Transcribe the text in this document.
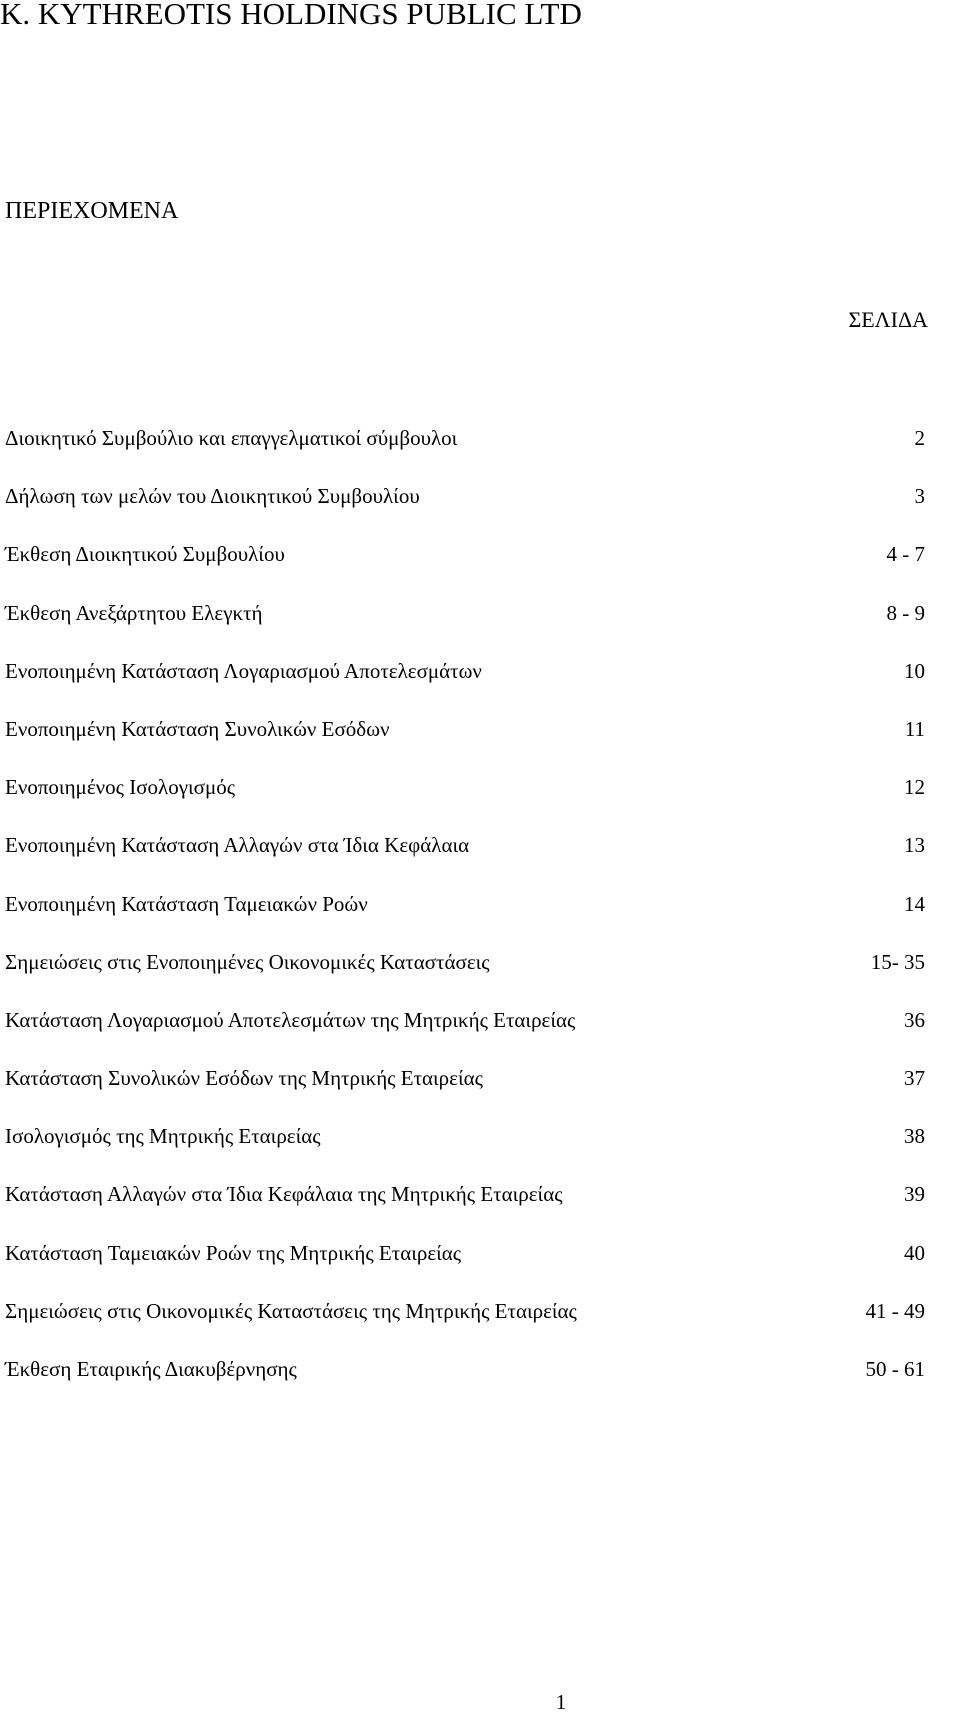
K. KYTHREOTIS HOLDINGS PUBLIC LTD
ΠΕΡΙΕΧΟΜΕΝΑ
ΣΕΛΙΔΑ
Διοικητικό Συμβούλιο και επαγγελματικοί σύμβουλοι	2
Δήλωση των μελών του Διοικητικού Συμβουλίου	3
Έκθεση Διοικητικού Συμβουλίου	4 - 7
Έκθεση Ανεξάρτητου Ελεγκτή	8 - 9
Ενοποιημένη Κατάσταση Λογαριασμού Αποτελεσμάτων	10
Ενοποιημένη Κατάσταση Συνολικών Εσόδων	11
Ενοποιημένος Ισολογισμός	12
Ενοποιημένη Κατάσταση Αλλαγών στα Ίδια Κεφάλαια	13
Ενοποιημένη Κατάσταση Ταμειακών Ροών	14
Σημειώσεις στις Ενοποιημένες Οικονομικές Καταστάσεις	15- 35
Κατάσταση Λογαριασμού Αποτελεσμάτων της Μητρικής Εταιρείας	36
Κατάσταση Συνολικών Εσόδων της Μητρικής Εταιρείας	37
Ισολογισμός της Μητρικής Εταιρείας	38
Κατάσταση Αλλαγών στα Ίδια Κεφάλαια της Μητρικής Εταιρείας	39
Κατάσταση Ταμειακών Ροών της Μητρικής Εταιρείας	40
Σημειώσεις στις Οικονομικές Καταστάσεις της Μητρικής Εταιρείας	41 - 49
Έκθεση Εταιρικής Διακυβέρνησης	50 - 61
1
